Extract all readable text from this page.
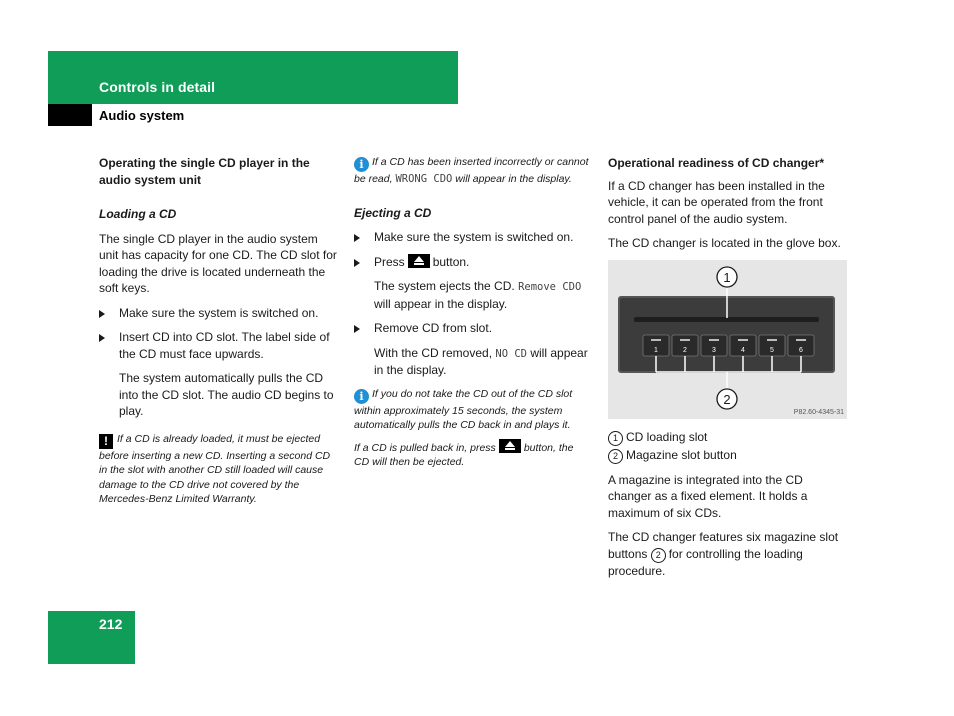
Controls in detail
Audio system

Operating the single CD player in the audio system unit

Loading a CD

The single CD player in the audio system unit has capacity for one CD. The CD slot for loading the drive is located underneath the soft keys.

Make sure the system is switched on.

Insert CD into CD slot. The label side of the CD must face upwards.

The system automatically pulls the CD into the CD slot. The audio CD begins to play.

! If a CD is already loaded, it must be ejected before inserting a new CD. Inserting a second CD in the slot with another CD still loaded will cause damage to the CD drive not covered by the Mercedes-Benz Limited Warranty.

i If a CD has been inserted incorrectly or cannot be read, WRONG CDO will appear in the display.

Ejecting a CD

Make sure the system is switched on.

Press button.

The system ejects the CD. Remove CDO will appear in the display.

Remove CD from slot.

With the CD removed, NO CD will appear in the display.

i If you do not take the CD out of the CD slot within approximately 15 seconds, the system automatically pulls the CD back in and plays it.

If a CD is pulled back in, press	button, the CD will then be ejected.

Operational readiness of CD changer*

If a CD changer has been installed in the vehicle, it can be operated from the front control panel of the audio system.

The CD changer is located in the glove box.

1	2	3	4	5	6
1
2
P82.60-4345-31

1 CD loading slot

2 Magazine slot button

A magazine is integrated into the CD changer as a fixed element. It holds a maximum of six CDs.

The CD changer features six magazine slot buttons 2 for controlling the loading procedure.

212
